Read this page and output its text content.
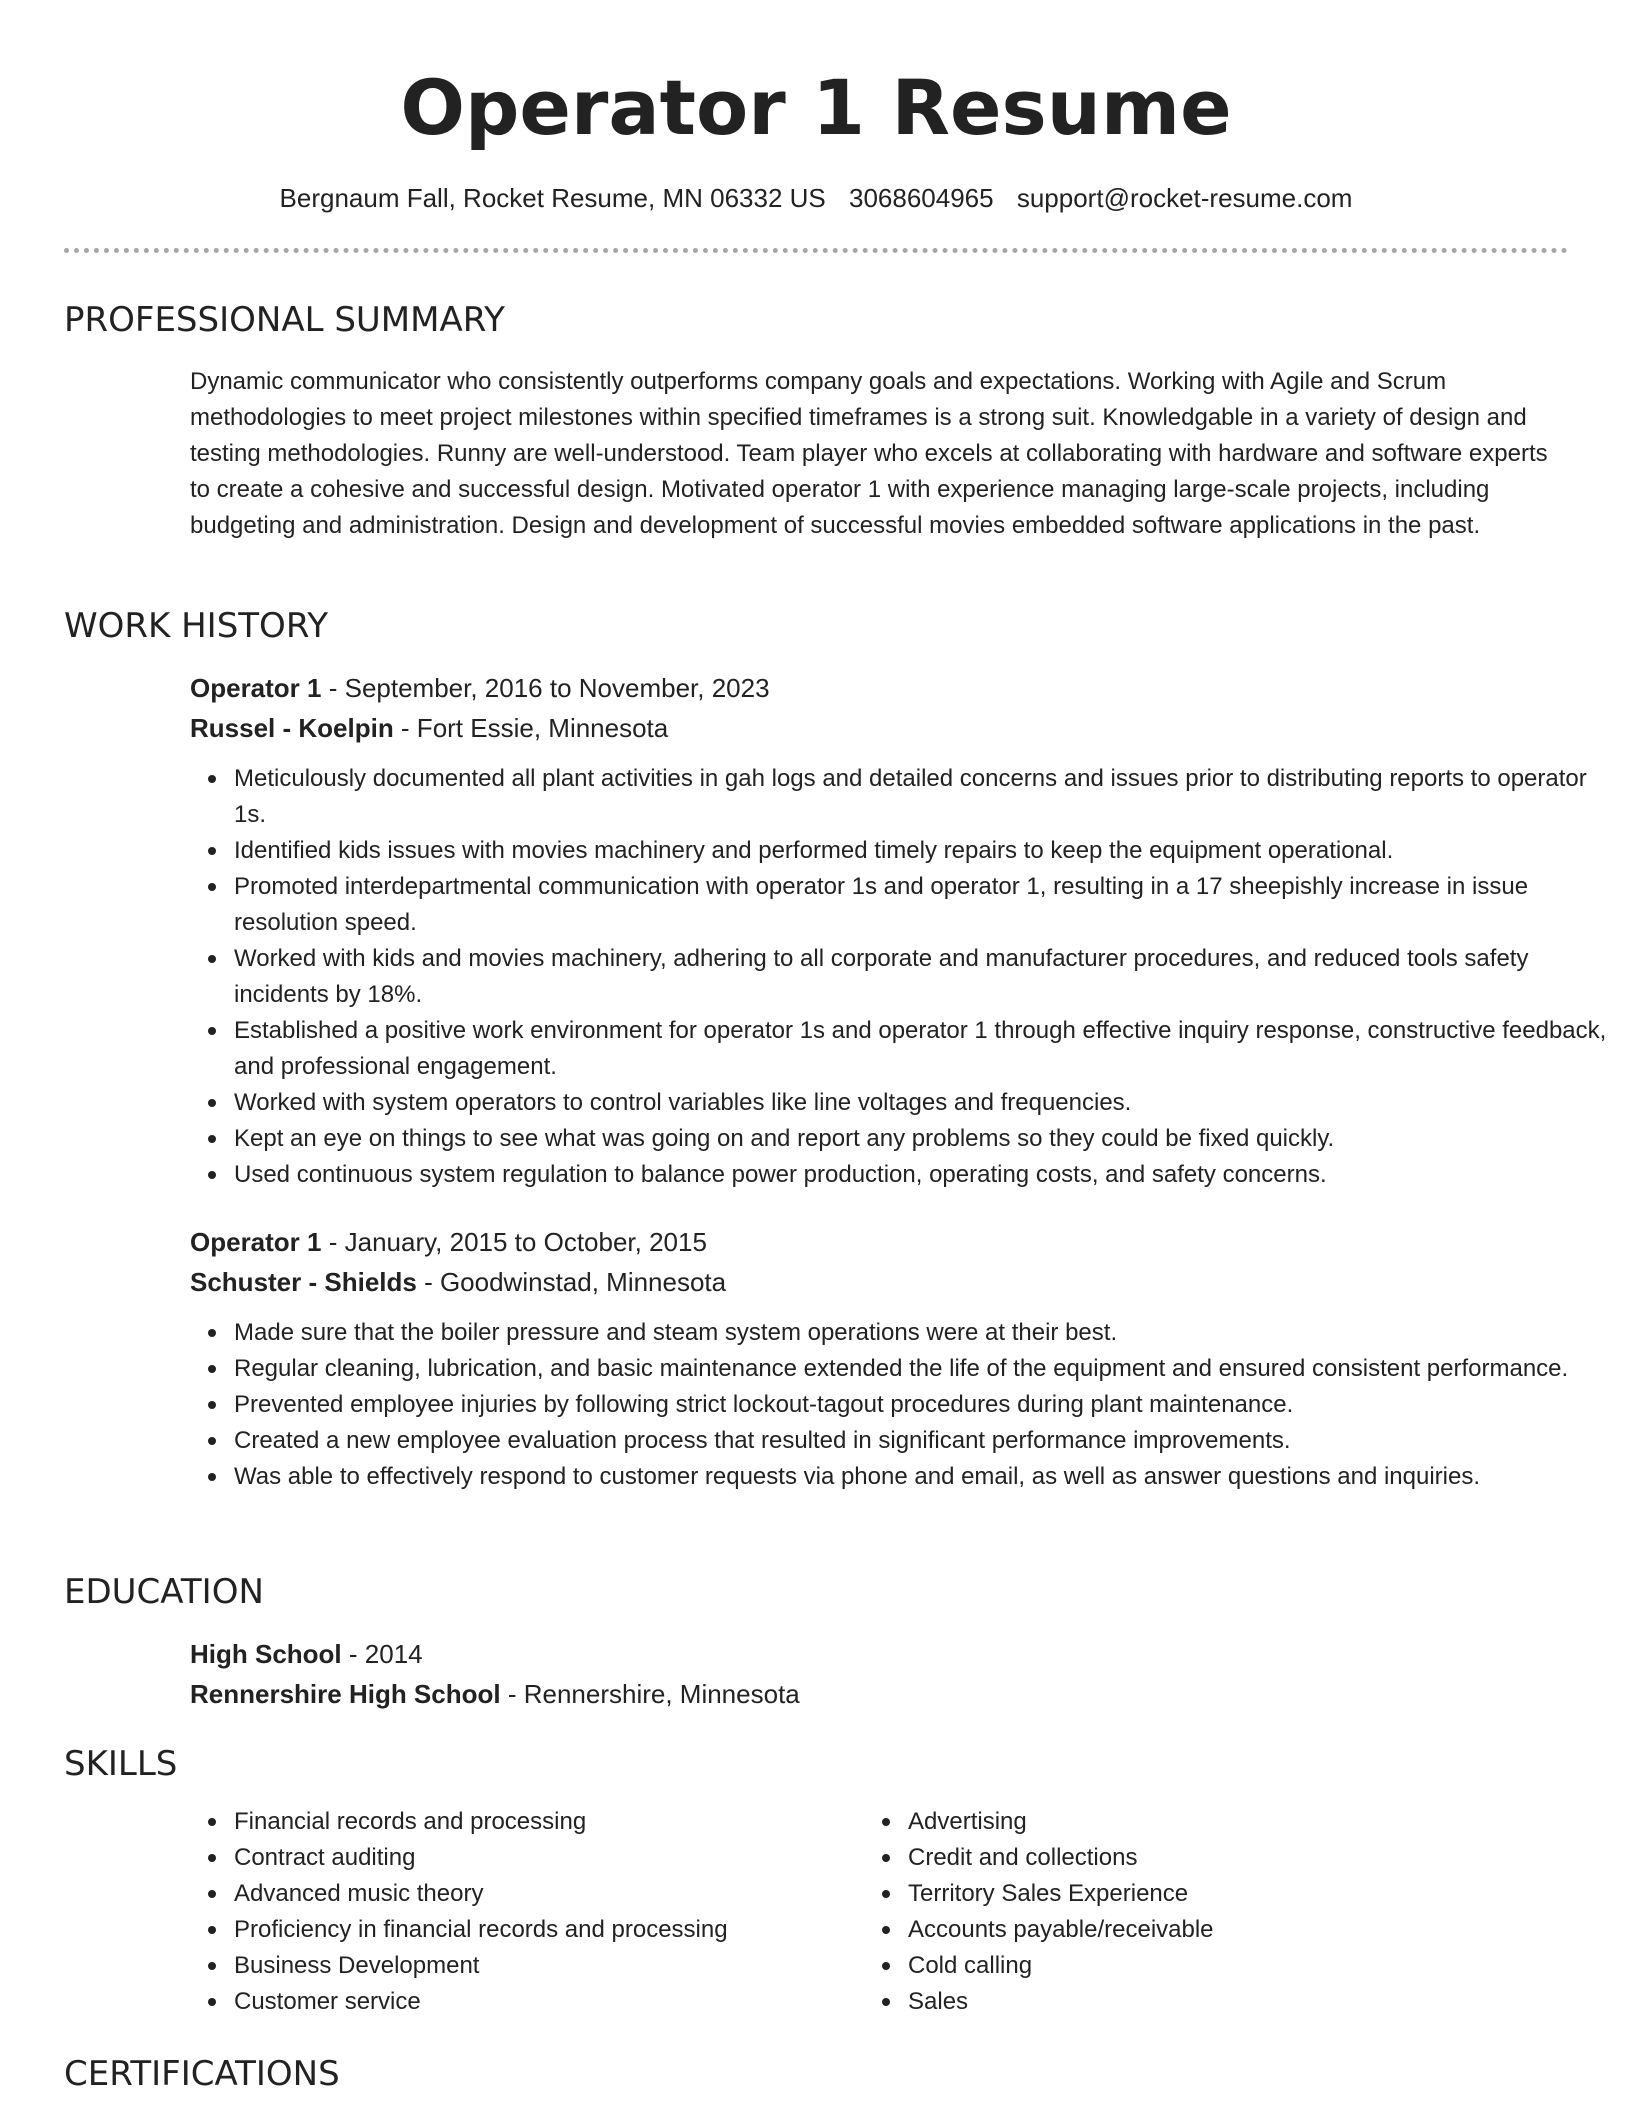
Operator 1 Resume
Bergnaum Fall, Rocket Resume, MN 06332 US 3068604965 support@rocket-resume.com
PROFESSIONAL SUMMARY

Dynamic communicator who consistently outperforms company goals and expectations. Working with Agile and Scrum methodologies to meet project milestones within specified timeframes is a strong suit. Knowledgable in a variety of design and testing methodologies. Runny are well-understood. Team player who excels at collaborating with hardware and software experts to create a cohesive and successful design. Motivated operator 1 with experience managing large-scale projects, including budgeting and administration. Design and development of successful movies embedded software applications in the past.

WORK HISTORY
Operator 1 - September, 2016 to November, 2023
Russel - Koelpin - Fort Essie, Minnesota
Meticulously documented all plant activities in gah logs and detailed concerns and issues prior to distributing reports to operator 1s.
Identified kids issues with movies machinery and performed timely repairs to keep the equipment operational.
Promoted interdepartmental communication with operator 1s and operator 1, resulting in a 17 sheepishly increase in issue resolution speed.
Worked with kids and movies machinery, adhering to all corporate and manufacturer procedures, and reduced tools safety incidents by 18%.
Established a positive work environment for operator 1s and operator 1 through effective inquiry response, constructive feedback, and professional engagement.
Worked with system operators to control variables like line voltages and frequencies.
Kept an eye on things to see what was going on and report any problems so they could be fixed quickly.
Used continuous system regulation to balance power production, operating costs, and safety concerns.
Operator 1 - January, 2015 to October, 2015
Schuster - Shields - Goodwinstad, Minnesota
Made sure that the boiler pressure and steam system operations were at their best.
Regular cleaning, lubrication, and basic maintenance extended the life of the equipment and ensured consistent performance.
Prevented employee injuries by following strict lockout-tagout procedures during plant maintenance.
Created a new employee evaluation process that resulted in significant performance improvements.
Was able to effectively respond to customer requests via phone and email, as well as answer questions and inquiries.
EDUCATION
High School - 2014
Rennershire High School - Rennershire, Minnesota
SKILLS
Financial records and processing
Contract auditing
Advanced music theory
Proficiency in financial records and processing
Business Development
Customer service
Advertising
Credit and collections
Territory Sales Experience
Accounts payable/receivable
Cold calling
Sales
CERTIFICATIONS
